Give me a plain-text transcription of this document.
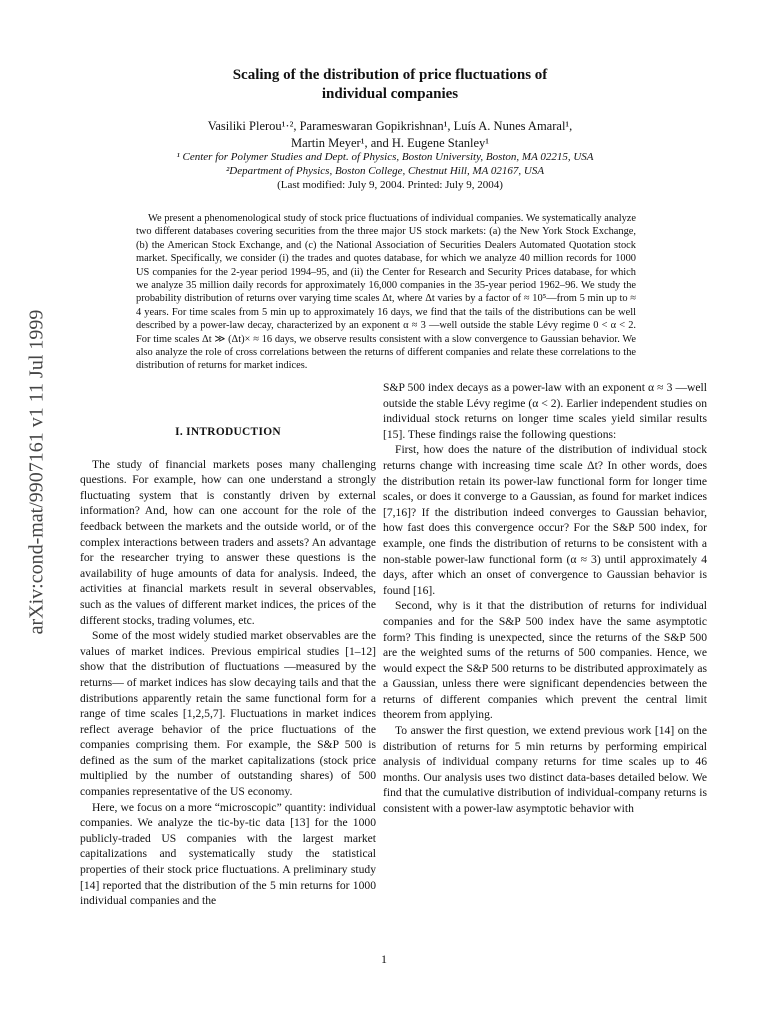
arXiv:cond-mat/9907161 v1 11 Jul 1999
Scaling of the distribution of price fluctuations of
individual companies
Vasiliki Plerou¹·², Parameswaran Gopikrishnan¹, Luís A. Nunes Amaral¹,
Martin Meyer¹, and H. Eugene Stanley¹
¹ Center for Polymer Studies and Dept. of Physics, Boston University, Boston, MA 02215, USA
²Department of Physics, Boston College, Chestnut Hill, MA 02167, USA
(Last modified: July 9, 2004. Printed: July 9, 2004)

We present a phenomenological study of stock price fluctuations of individual companies. We systematically analyze two different databases covering securities from the three major US stock markets: (a) the New York Stock Exchange, (b) the American Stock Exchange, and (c) the National Association of Securities Dealers Automated Quotation stock market. Specifically, we consider (i) the trades and quotes database, for which we analyze 40 million records for 1000 US companies for the 2-year period 1994–95, and (ii) the Center for Research and Security Prices database, for which we analyze 35 million daily records for approximately 16,000 companies in the 35-year period 1962–96. We study the probability distribution of returns over varying time scales Δt, where Δt varies by a factor of ≈ 10⁵—from 5 min up to ≈ 4 years. For time scales from 5 min up to approximately 16 days, we find that the tails of the distributions can be well described by a power-law decay, characterized by an exponent α ≈ 3 —well outside the stable Lévy regime 0 < α < 2. For time scales Δt ≫ (Δt)× ≈ 16 days, we observe results consistent with a slow convergence to Gaussian behavior. We also analyze the role of cross correlations between the returns of different companies and relate these correlations to the distribution of returns for market indices.

I. INTRODUCTION

The study of financial markets poses many challenging questions. For example, how can one understand a strongly fluctuating system that is constantly driven by external information? And, how can one account for the role of the feedback between the markets and the outside world, or of the complex interactions between traders and assets? An advantage for the researcher trying to answer these questions is the availability of huge amounts of data for analysis. Indeed, the activities at financial markets result in several observables, such as the values of different market indices, the prices of the different stocks, trading volumes, etc.

Some of the most widely studied market observables are the values of market indices. Previous empirical studies [1–12] show that the distribution of fluctuations —measured by the returns— of market indices has slow decaying tails and that the distributions apparently retain the same functional form for a range of time scales [1,2,5,7]. Fluctuations in market indices reflect average behavior of the price fluctuations of the companies comprising them. For example, the S&P 500 is defined as the sum of the market capitalizations (stock price multiplied by the number of outstanding shares) of 500 companies representative of the US economy.

Here, we focus on a more “microscopic” quantity: individual companies. We analyze the tic-by-tic data [13] for the 1000 publicly-traded US companies with the largest market capitalizations and systematically study the statistical properties of their stock price fluctuations. A preliminary study [14] reported that the distribution of the 5 min returns for 1000 individual companies and the

S&P 500 index decays as a power-law with an exponent α ≈ 3 —well outside the stable Lévy regime (α < 2). Earlier independent studies on individual stock returns on longer time scales yield similar results [15]. These findings raise the following questions:

First, how does the nature of the distribution of individual stock returns change with increasing time scale Δt? In other words, does the distribution retain its power-law functional form for longer time scales, or does it converge to a Gaussian, as found for market indices [7,16]? If the distribution indeed converges to Gaussian behavior, how fast does this convergence occur? For the S&P 500 index, for example, one finds the distribution of returns to be consistent with a non-stable power-law functional form (α ≈ 3) until approximately 4 days, after which an onset of convergence to Gaussian behavior is found [16].

Second, why is it that the distribution of returns for individual companies and for the S&P 500 index have the same asymptotic form? This finding is unexpected, since the returns of the S&P 500 are the weighted sums of the returns of 500 companies. Hence, we would expect the S&P 500 returns to be distributed approximately as a Gaussian, unless there were significant dependencies between the returns of different companies which prevent the central limit theorem from applying.

To answer the first question, we extend previous work [14] on the distribution of returns for 5 min returns by performing empirical analysis of individual company returns for time scales up to 46 months. Our analysis uses two distinct data-bases detailed below. We find that the cumulative distribution of individual-company returns is consistent with a power-law asymptotic behavior with

1
